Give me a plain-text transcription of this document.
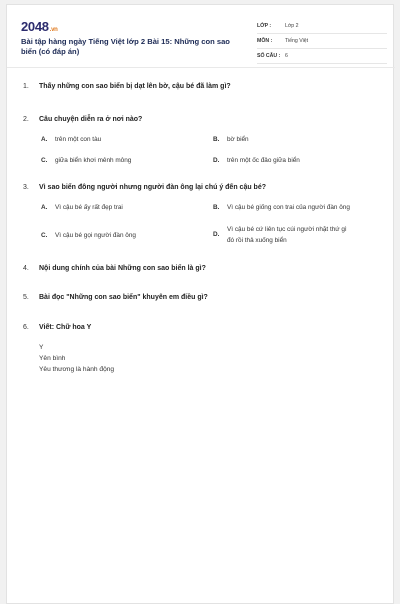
2048.vn
Bài tập hàng ngày Tiếng Việt lớp 2 Bài 15: Những con sao biển (có đáp án)
LỚP :	Lớp 2
MÔN :	Tiếng Việt
SỐ CÂU : 6
1. Thấy những con sao biển bị dạt lên bờ, cậu bé đã làm gì?
2. Câu chuyện diễn ra ở nơi nào?
A. trên một con tàu	B. bờ biển
C. giữa biển khơi mênh mông	D. trên một ốc đảo giữa biển
3. Vì sao biển đông người nhưng người đàn ông lại chú ý đến cậu bé?
A. Vì cậu bé ấy rất đẹp trai	B. Vì cậu bé giống con trai của người đàn ông
C. Vì cậu bé gọi người đàn ông	D.
Vì cậu bé cứ liên tục cúi người nhặt thứ gì
đó rồi thả xuống biển
4. Nội dung chính của bài Những con sao biển là gì?
5. Bài đọc "Những con sao biển" khuyên em điều gì?
6. Viết: Chữ hoa Y
Y
Yên bình
Yêu thương là hành động
